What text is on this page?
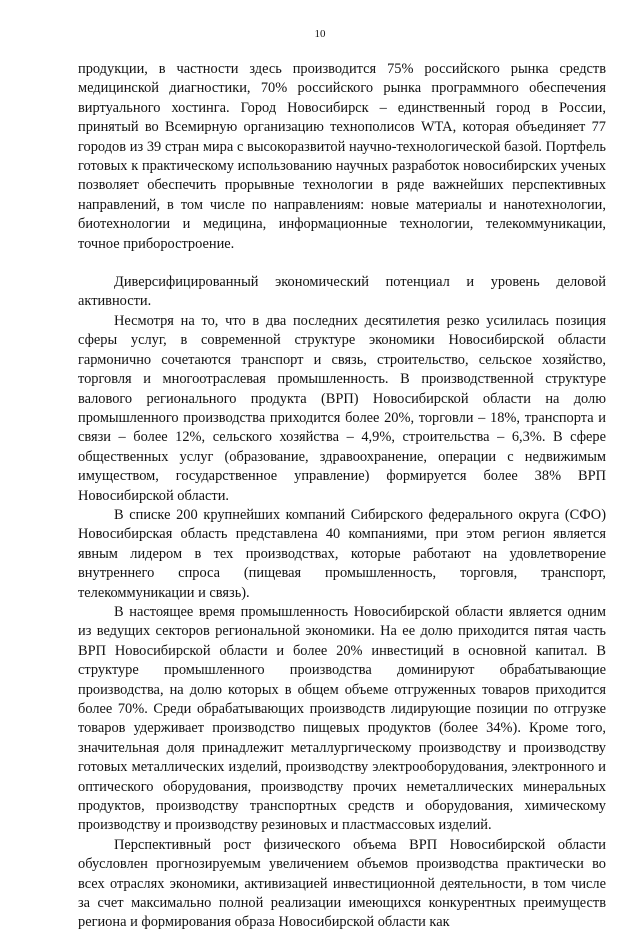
10

продукции, в частности здесь производится 75% российского рынка средств медицинской диагностики, 70% российского рынка программного обеспечения виртуального хостинга. Город Новосибирск – единственный город в России, принятый во Всемирную организацию технополисов WTA, которая объединяет 77 городов из 39 стран мира с высокоразвитой научно-технологической базой. Портфель готовых к практическому использованию научных разработок новосибирских ученых позволяет обеспечить прорывные технологии в ряде важнейших перспективных направлений, в том числе по направлениям: новые материалы и нанотехнологии, биотехнологии и медицина, информационные технологии, телекоммуникации, точное приборостроение.

Диверсифицированный экономический потенциал и уровень деловой активности.

Несмотря на то, что в два последних десятилетия резко усилилась позиция сферы услуг, в современной структуре экономики Новосибирской области гармонично сочетаются транспорт и связь, строительство, сельское хозяйство, торговля и многоотраслевая промышленность. В производственной структуре валового регионального продукта (ВРП) Новосибирской области на долю промышленного производства приходится более 20%, торговли – 18%, транспорта и связи – более 12%, сельского хозяйства – 4,9%, строительства – 6,3%. В сфере общественных услуг (образование, здравоохранение, операции с недвижимым имуществом, государственное управление) формируется более 38% ВРП Новосибирской области.

В списке 200 крупнейших компаний Сибирского федерального округа (СФО) Новосибирская область представлена 40 компаниями, при этом регион является явным лидером в тех производствах, которые работают на удовлетворение внутреннего спроса (пищевая промышленность, торговля, транспорт, телекоммуникации и связь).

В настоящее время промышленность Новосибирской области является одним из ведущих секторов региональной экономики. На ее долю приходится пятая часть ВРП Новосибирской области и более 20% инвестиций в основной капитал. В структуре промышленного производства доминируют обрабатывающие производства, на долю которых в общем объеме отгруженных товаров приходится более 70%. Среди обрабатывающих производств лидирующие позиции по отгрузке товаров удерживает производство пищевых продуктов (более 34%). Кроме того, значительная доля принадлежит металлургическому производству и производству готовых металлических изделий, производству электрооборудования, электронного и оптического оборудования, производству прочих неметаллических минеральных продуктов, производству транспортных средств и оборудования, химическому производству и производству резиновых и пластмассовых изделий.

Перспективный рост физического объема ВРП Новосибирской области обусловлен прогнозируемым увеличением объемов производства практически во всех отраслях экономики, активизацией инвестиционной деятельности, в том числе за счет максимально полной реализации имеющихся конкурентных преимуществ региона и формирования образа Новосибирской области как
